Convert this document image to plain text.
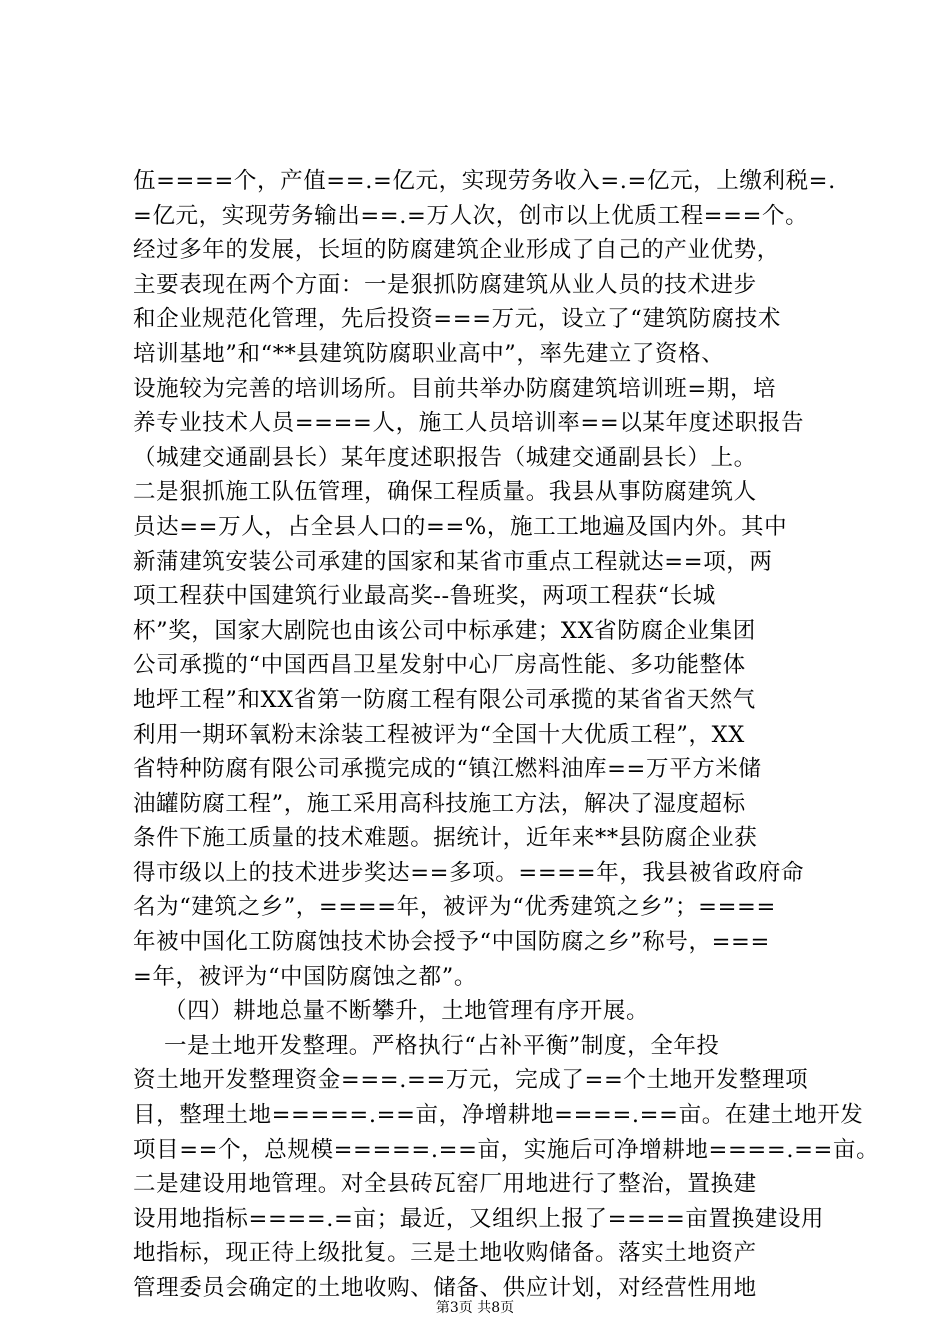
伍====个，产值==.=亿元，实现劳务收入=.=亿元，上缴利税=.
=亿元，实现劳务输出==.=万人次，创市以上优质工程===个。
经过多年的发展，长垣的防腐建筑企业形成了自己的产业优势，
主要表现在两个方面：一是狠抓防腐建筑从业人员的技术进步
和企业规范化管理，先后投资===万元，设立了“建筑防腐技术
培训基地”和“**县建筑防腐职业高中”，率先建立了资格、
设施较为完善的培训场所。目前共举办防腐建筑培训班=期，培
养专业技术人员====人，施工人员培训率==以某年度述职报告
（城建交通副县长）某年度述职报告（城建交通副县长）上。
二是狠抓施工队伍管理，确保工程质量。我县从事防腐建筑人
员达==万人，占全县人口的==%，施工工地遍及国内外。其中
新蒲建筑安装公司承建的国家和某省市重点工程就达==项，两
项工程获中国建筑行业最高奖--鲁班奖，两项工程获“长城
杯”奖，国家大剧院也由该公司中标承建；XX省防腐企业集团
公司承揽的“中国西昌卫星发射中心厂房高性能、多功能整体
地坪工程”和XX省第一防腐工程有限公司承揽的某省省天然气
利用一期环氧粉末涂装工程被评为“全国十大优质工程”，XX
省特种防腐有限公司承揽完成的“镇江燃料油库==万平方米储
油罐防腐工程”，施工采用高科技施工方法，解决了湿度超标
条件下施工质量的技术难题。据统计，近年来**县防腐企业获
得市级以上的技术进步奖达==多项。====年，我县被省政府命
名为“建筑之乡”，====年，被评为“优秀建筑之乡”；====
年被中国化工防腐蚀技术协会授予“中国防腐之乡”称号，===
=年，被评为“中国防腐蚀之都”。
（四）耕地总量不断攀升，土地管理有序开展。
一是土地开发整理。严格执行“占补平衡”制度，全年投
资土地开发整理资金===.==万元，完成了==个土地开发整理项
目，整理土地=====.==亩，净增耕地====.==亩。在建土地开发
项目==个，总规模=====.==亩，实施后可净增耕地====.==亩。
二是建设用地管理。对全县砖瓦窑厂用地进行了整治，置换建
设用地指标====.=亩；最近，又组织上报了====亩置换建设用
地指标，现正待上级批复。三是土地收购储备。落实土地资产
管理委员会确定的土地收购、储备、供应计划，对经营性用地
第3页 共8页
